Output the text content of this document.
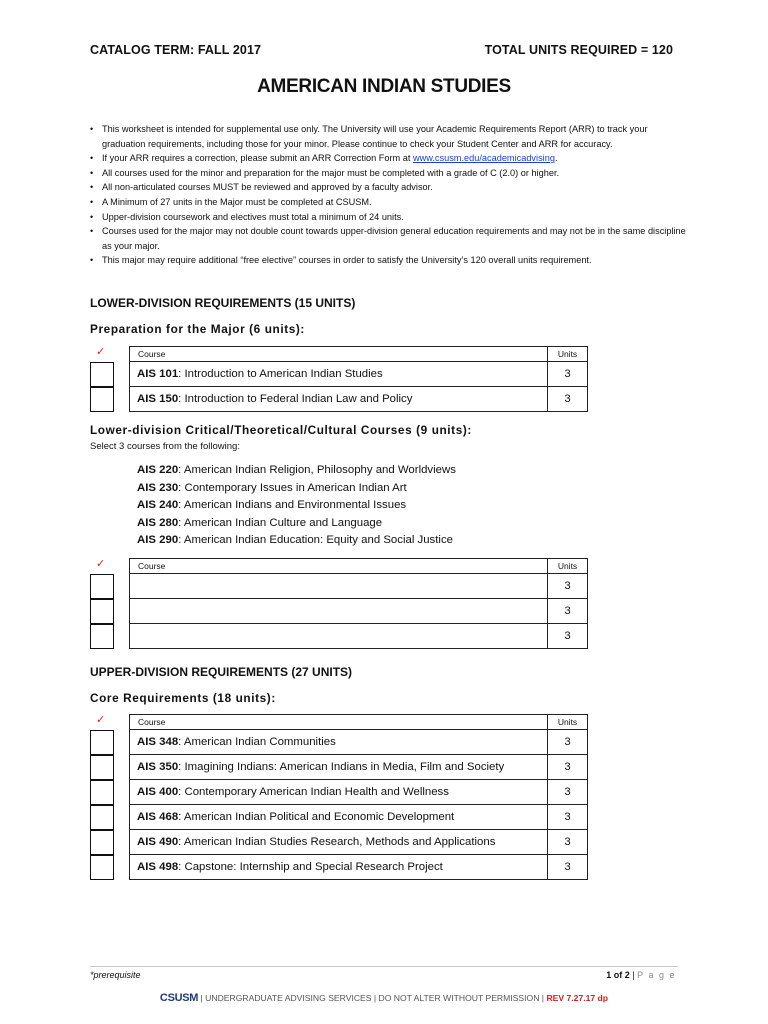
CATALOG TERM: FALL 2017	TOTAL UNITS REQUIRED = 120
AMERICAN INDIAN STUDIES
• This worksheet is intended for supplemental use only. The University will use your Academic Requirements Report (ARR) to track your graduation requirements, including those for your minor. Please continue to check your Student Center and ARR for accuracy.
• If your ARR requires a correction, please submit an ARR Correction Form at www.csusm.edu/academicadvising.
• All courses used for the minor and preparation for the major must be completed with a grade of C (2.0) or higher.
• All non-articulated courses MUST be reviewed and approved by a faculty advisor.
• A Minimum of 27 units in the Major must be completed at CSUSM.
• Upper-division coursework and electives must total a minimum of 24 units.
• Courses used for the major may not double count towards upper-division general education requirements and may not be in the same discipline as your major.
• This major may require additional “free elective” courses in order to satisfy the University’s 120 overall units requirement.
LOWER-DIVISION REQUIREMENTS (15 UNITS)
Preparation for the Major (6 units):
✓	Course	Units
AIS 101: Introduction to American Indian Studies	3
AIS 150: Introduction to Federal Indian Law and Policy	3
Lower-division Critical/Theoretical/Cultural Courses (9 units):
Select 3 courses from the following:
AIS 220: American Indian Religion, Philosophy and Worldviews
AIS 230: Contemporary Issues in American Indian Art
AIS 240: American Indians and Environmental Issues
AIS 280: American Indian Culture and Language
AIS 290: American Indian Education: Equity and Social Justice
✓	Course	Units
	3
	3
	3
UPPER-DIVISION REQUIREMENTS (27 UNITS)
Core Requirements (18 units):
✓	Course	Units
AIS 348: American Indian Communities	3
AIS 350: Imagining Indians: American Indians in Media, Film and Society	3
AIS 400: Contemporary American Indian Health and Wellness	3
AIS 468: American Indian Political and Economic Development	3
AIS 490: American Indian Studies Research, Methods and Applications	3
AIS 498: Capstone: Internship and Special Research Project	3
*prerequisite	1 of 2 | P a g e
CSUSM | UNDERGRADUATE ADVISING SERVICES | DO NOT ALTER WITHOUT PERMISSION | REV 7.27.17 dp
